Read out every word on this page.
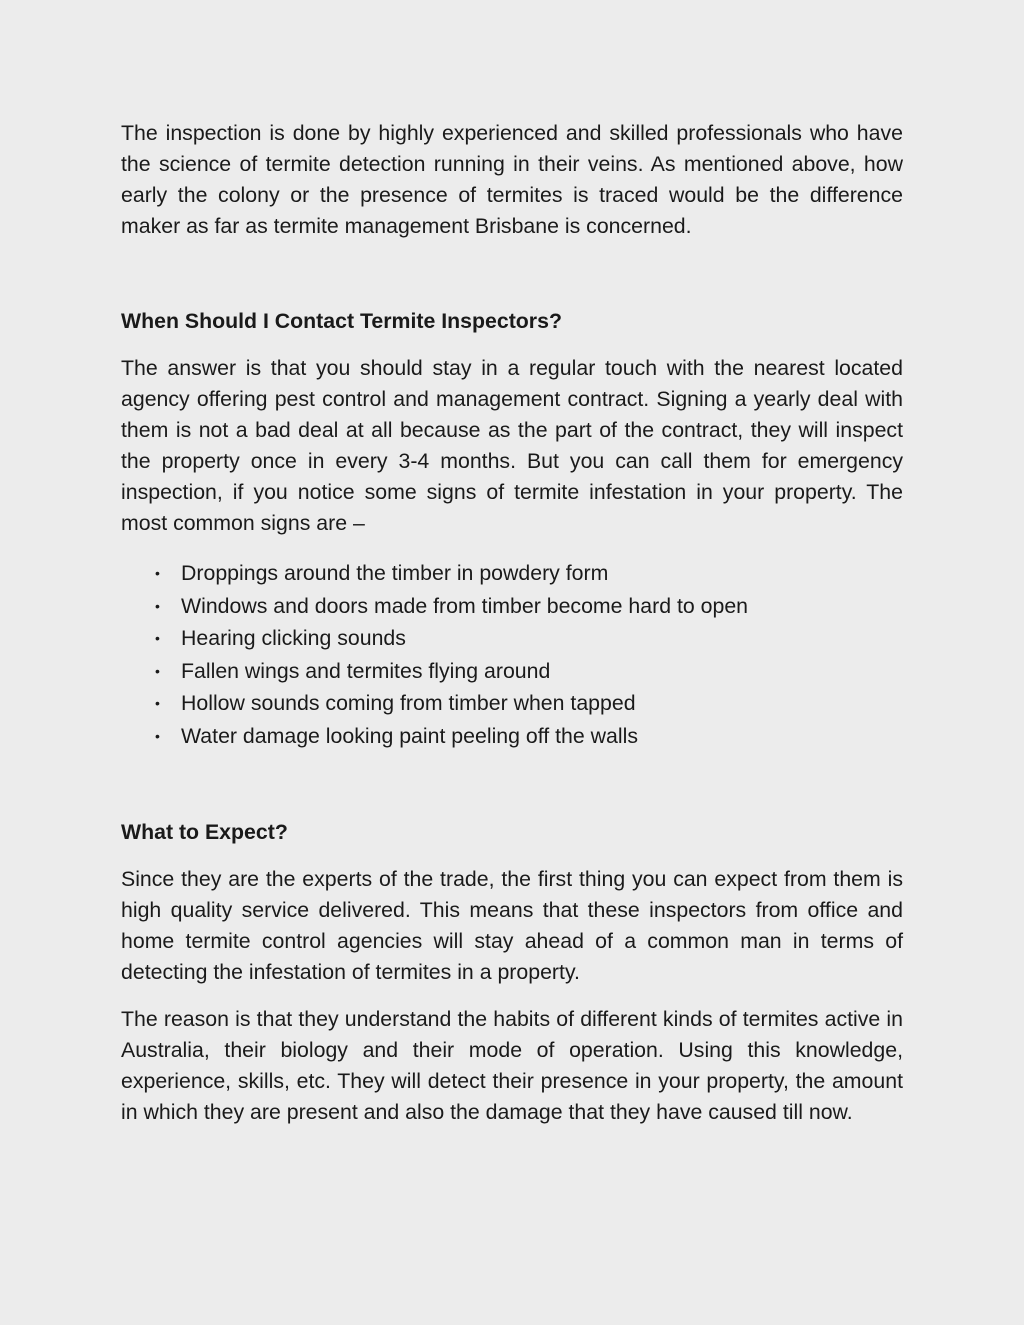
The inspection is done by highly experienced and skilled professionals who have the science of termite detection running in their veins. As mentioned above, how early the colony or the presence of termites is traced would be the difference maker as far as termite management Brisbane is concerned.

When Should I Contact Termite Inspectors?

The answer is that you should stay in a regular touch with the nearest located agency offering pest control and management contract. Signing a yearly deal with them is not a bad deal at all because as the part of the contract, they will inspect the property once in every 3-4 months. But you can call them for emergency inspection, if you notice some signs of termite infestation in your property. The most common signs are –

• Droppings around the timber in powdery form
• Windows and doors made from timber become hard to open
• Hearing clicking sounds
• Fallen wings and termites flying around
• Hollow sounds coming from timber when tapped
• Water damage looking paint peeling off the walls
What to Expect?

Since they are the experts of the trade, the first thing you can expect from them is high quality service delivered. This means that these inspectors from office and home termite control agencies will stay ahead of a common man in terms of detecting the infestation of termites in a property.

The reason is that they understand the habits of different kinds of termites active in Australia, their biology and their mode of operation. Using this knowledge, experience, skills, etc. They will detect their presence in your property, the amount in which they are present and also the damage that they have caused till now.
